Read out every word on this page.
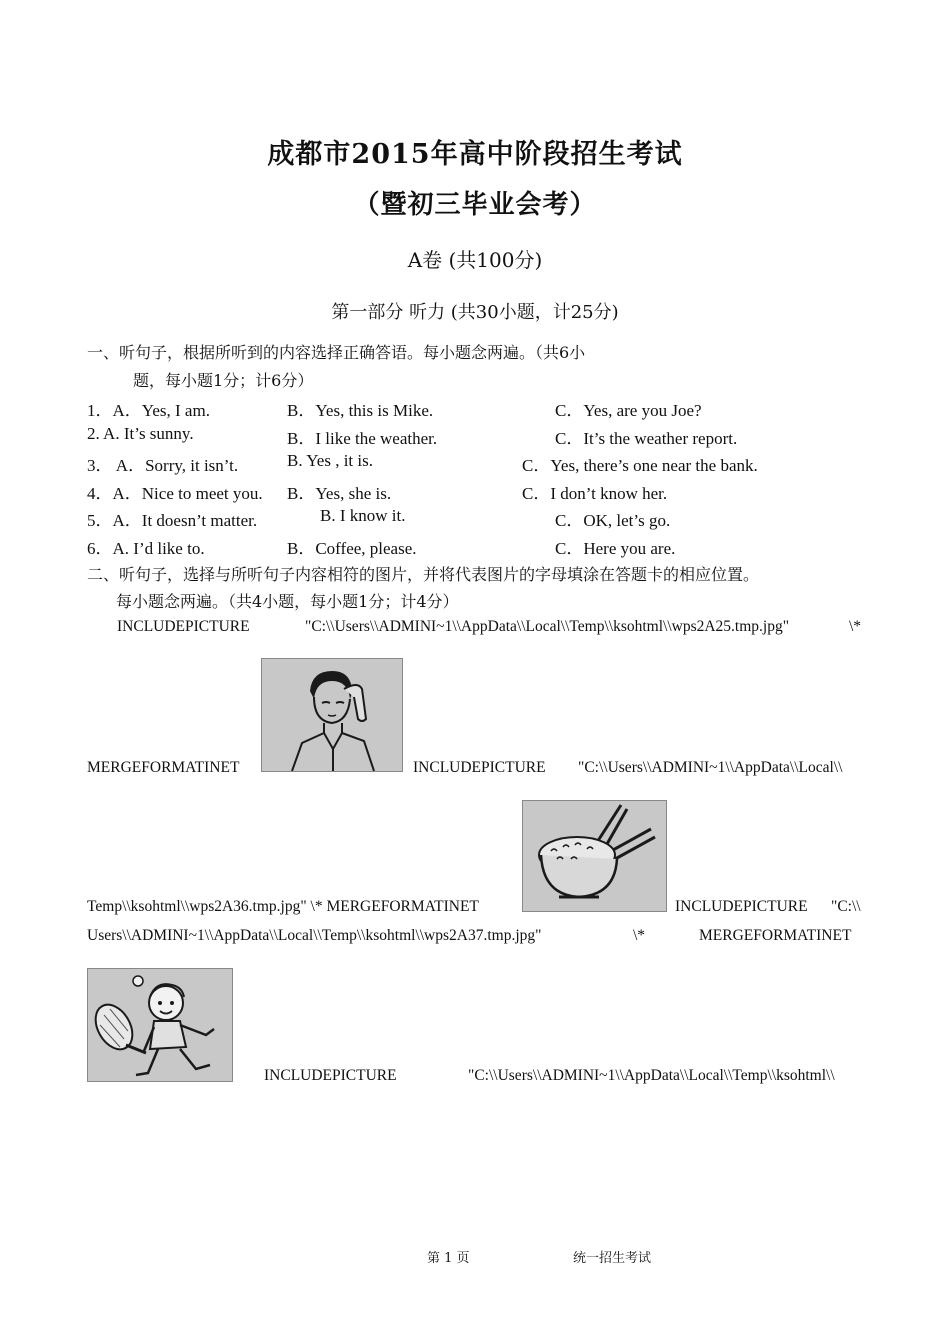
成都市2015年高中阶段招生考试
（暨初三毕业会考）
A卷 (共100分)
第一部分 听力 (共30小题，计25分)
一、听句子，根据所听到的内容选择正确答语。每小题念两遍。（共6小
题，每小题1分；计6分）
1．A．Yes, I am.	B．Yes, this is Mike.	C．Yes, are you Joe?
2. A. It’s sunny.	B．I like the weather.	C．It’s the weather report.
3． A．Sorry, it isn’t.	B. Yes , it is.	C．Yes, there’s one near the bank.
4．A．Nice to meet you. B．Yes, she is.	C．I don’t know her.
5．A．It doesn’t matter.	B. I know it.	C．OK, let’s go.
6．A. I’d like to.	B．Coffee, please.	C．Here you are.
二、听句子，选择与所听句子内容相符的图片，并将代表图片的字母填涂在答题卡的相应位置。
每小题念两遍。（共4小题，每小题1分；计4分）
INCLUDEPICTURE	"C:\\Users\\ADMINI~1\\AppData\\Local\\Temp\\ksohtml\\wps2A25.tmp.jpg"	\*
MERGEFORMATINET	INCLUDEPICTURE "C:\\Users\\ADMINI~1\\AppData\\Local\\
Temp\\ksohtml\\wps2A36.tmp.jpg" \* MERGEFORMATINET	INCLUDEPICTURE "C:\\
Users\\ADMINI~1\\AppData\\Local\\Temp\\ksohtml\\wps2A37.tmp.jpg"	\*	MERGEFORMATINET
INCLUDEPICTURE	"C:\\Users\\ADMINI~1\\AppData\\Local\\Temp\\ksohtml\\
第 1 页	统一招生考试
